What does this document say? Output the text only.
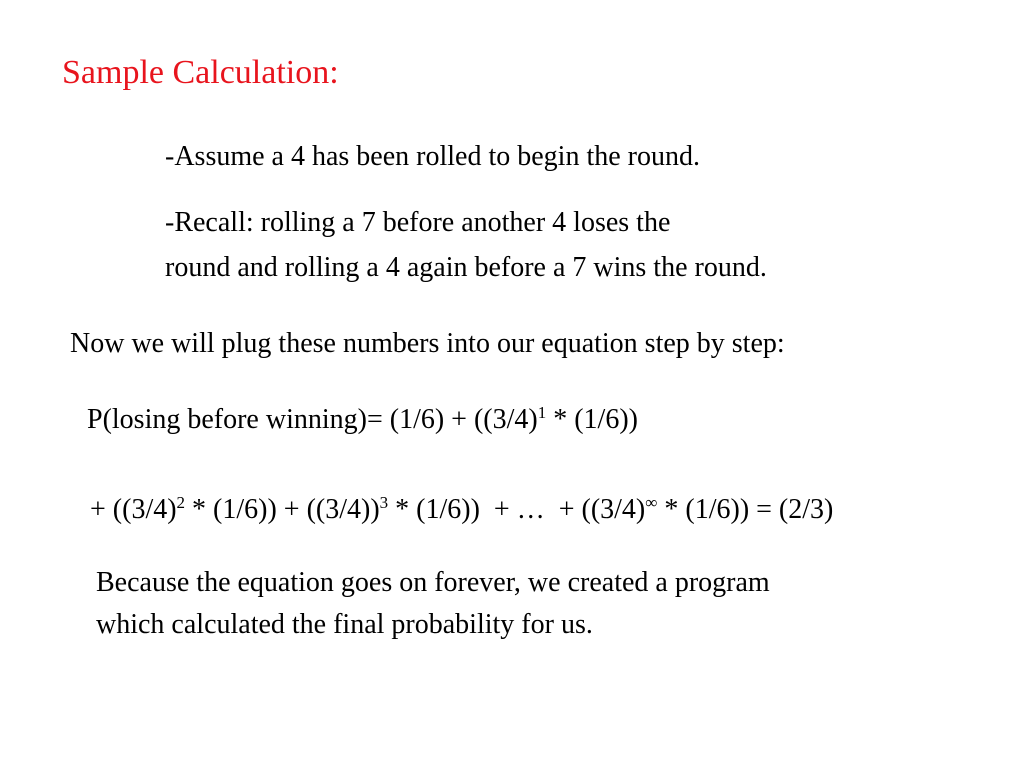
Sample Calculation:
-Assume a 4 has been rolled to begin the round.
-Recall: rolling a 7 before another 4 loses the
round and rolling a 4 again before a 7 wins the round.
Now we will plug these numbers into our equation step by step:
P(losing before winning)= $(1/6) + ((3/4)^1 * (1/6))$

+ $((3/4)^2 * (1/6)) + ((3/4))^3 * (1/6)$)  + …  + ((3/4)∞ * (1/6)) = (2/3)

Because the equation goes on forever, we created a program
which calculated the final probability for us.
